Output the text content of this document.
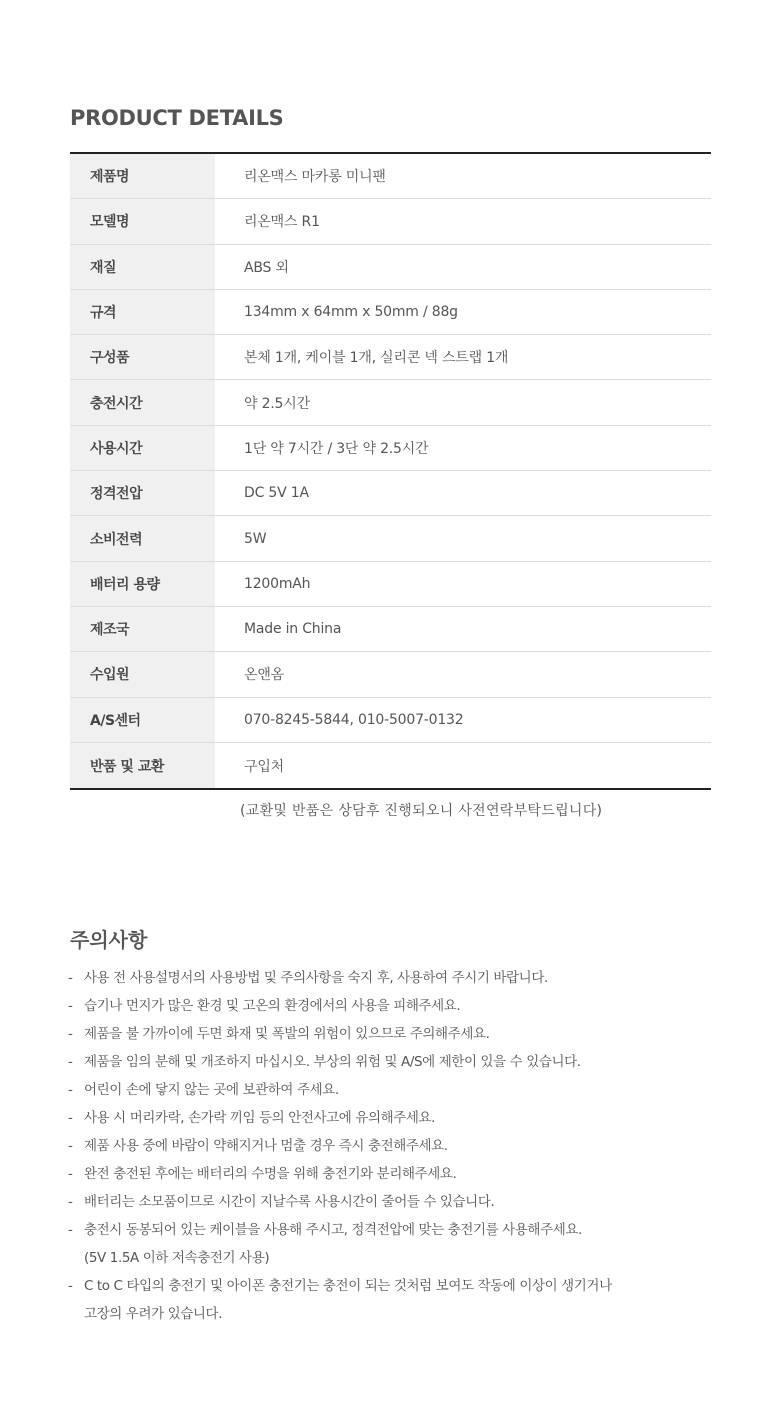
PRODUCT DETAILS
제품명	리온맥스 마카롱 미니팬
모델명	리온맥스 R1
재질	ABS 외
규격	134mm x 64mm x 50mm / 88g
구성품	본체 1개, 케이블 1개, 실리콘 넥 스트랩 1개
충전시간	약 2.5시간
사용시간	1단 약 7시간 / 3단 약 2.5시간
정격전압	DC 5V 1A
소비전력	5W
배터리 용량	1200mAh
제조국	Made in China
수입원	온앤옴
A/S센터	070-8245-5844, 010-5007-0132
반품 및 교환	구입처

(교환및 반품은 상담후 진행되오니 사전연락부탁드립니다)

주의사항
- 사용 전 사용설명서의 사용방법 및 주의사항을 숙지 후, 사용하여 주시기 바랍니다.
- 습기나 먼지가 많은 환경 및 고온의 환경에서의 사용을 피해주세요.
- 제품을 불 가까이에 두면 화재 및 폭발의 위험이 있으므로 주의해주세요.
- 제품을 임의 분해 및 개조하지 마십시오. 부상의 위험 및 A/S에 제한이 있을 수 있습니다.
- 어린이 손에 닿지 않는 곳에 보관하여 주세요.
- 사용 시 머리카락, 손가락 끼임 등의 안전사고에 유의해주세요.
- 제품 사용 중에 바람이 약해지거나 멈출 경우 즉시 충전해주세요.
- 완전 충전된 후에는 배터리의 수명을 위해 충전기와 분리해주세요.
- 배터리는 소모품이므로 시간이 지날수록 사용시간이 줄어들 수 있습니다.
- 충전시 동봉되어 있는 케이블을 사용해 주시고, 정격전압에 맞는 충전기를 사용해주세요.
(5V 1.5A 이하 저속충전기 사용)
- C to C 타입의 충전기 및 아이폰 충전기는 충전이 되는 것처럼 보여도 작동에 이상이 생기거나
고장의 우려가 있습니다.
